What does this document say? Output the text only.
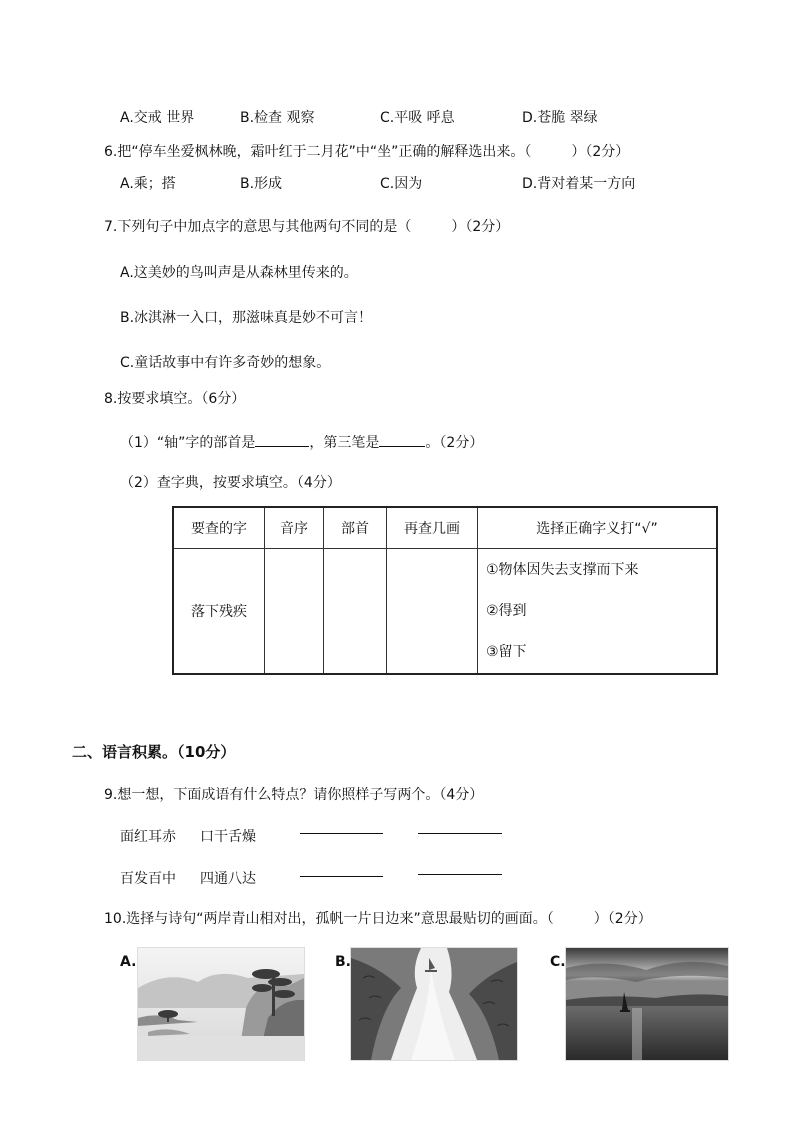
A.交戒 世界	B.检查 观察	C.平吸 呼息	D.苍脆 翠绿
6.把“停车坐爱枫林晚，霜叶红于二月花”中“坐”正确的解释选出来。（	）（2分）
A.乘；搭	B.形成	C.因为	D.背对着某一方向
7.下列句子中加点字的意思与其他两句不同的是（	）（2分）
A.这美妙的鸟叫声是从森林里传来的。
B.冰淇淋一入口，那滋味真是妙不可言！
C.童话故事中有许多奇妙的想象。
8.按要求填空。（6分）
（1）“轴”字的部首是	，第三笔是	。（2分）
（2）查字典，按要求填空。（4分）
要查的字	音序	部首	再查几画	选择正确字义打“√”
落下残疾				①物体因失去支撑而下来
②得到
③留下
二、语言积累。（10分）
9.想一想，下面成语有什么特点？请你照样子写两个。（4分）
面红耳赤 口干舌燥
百发百中 四通八达
10.选择与诗句“两岸青山相对出，孤帆一片日边来”意思最贴切的画面。（	）（2分）
A.	B.	C.
